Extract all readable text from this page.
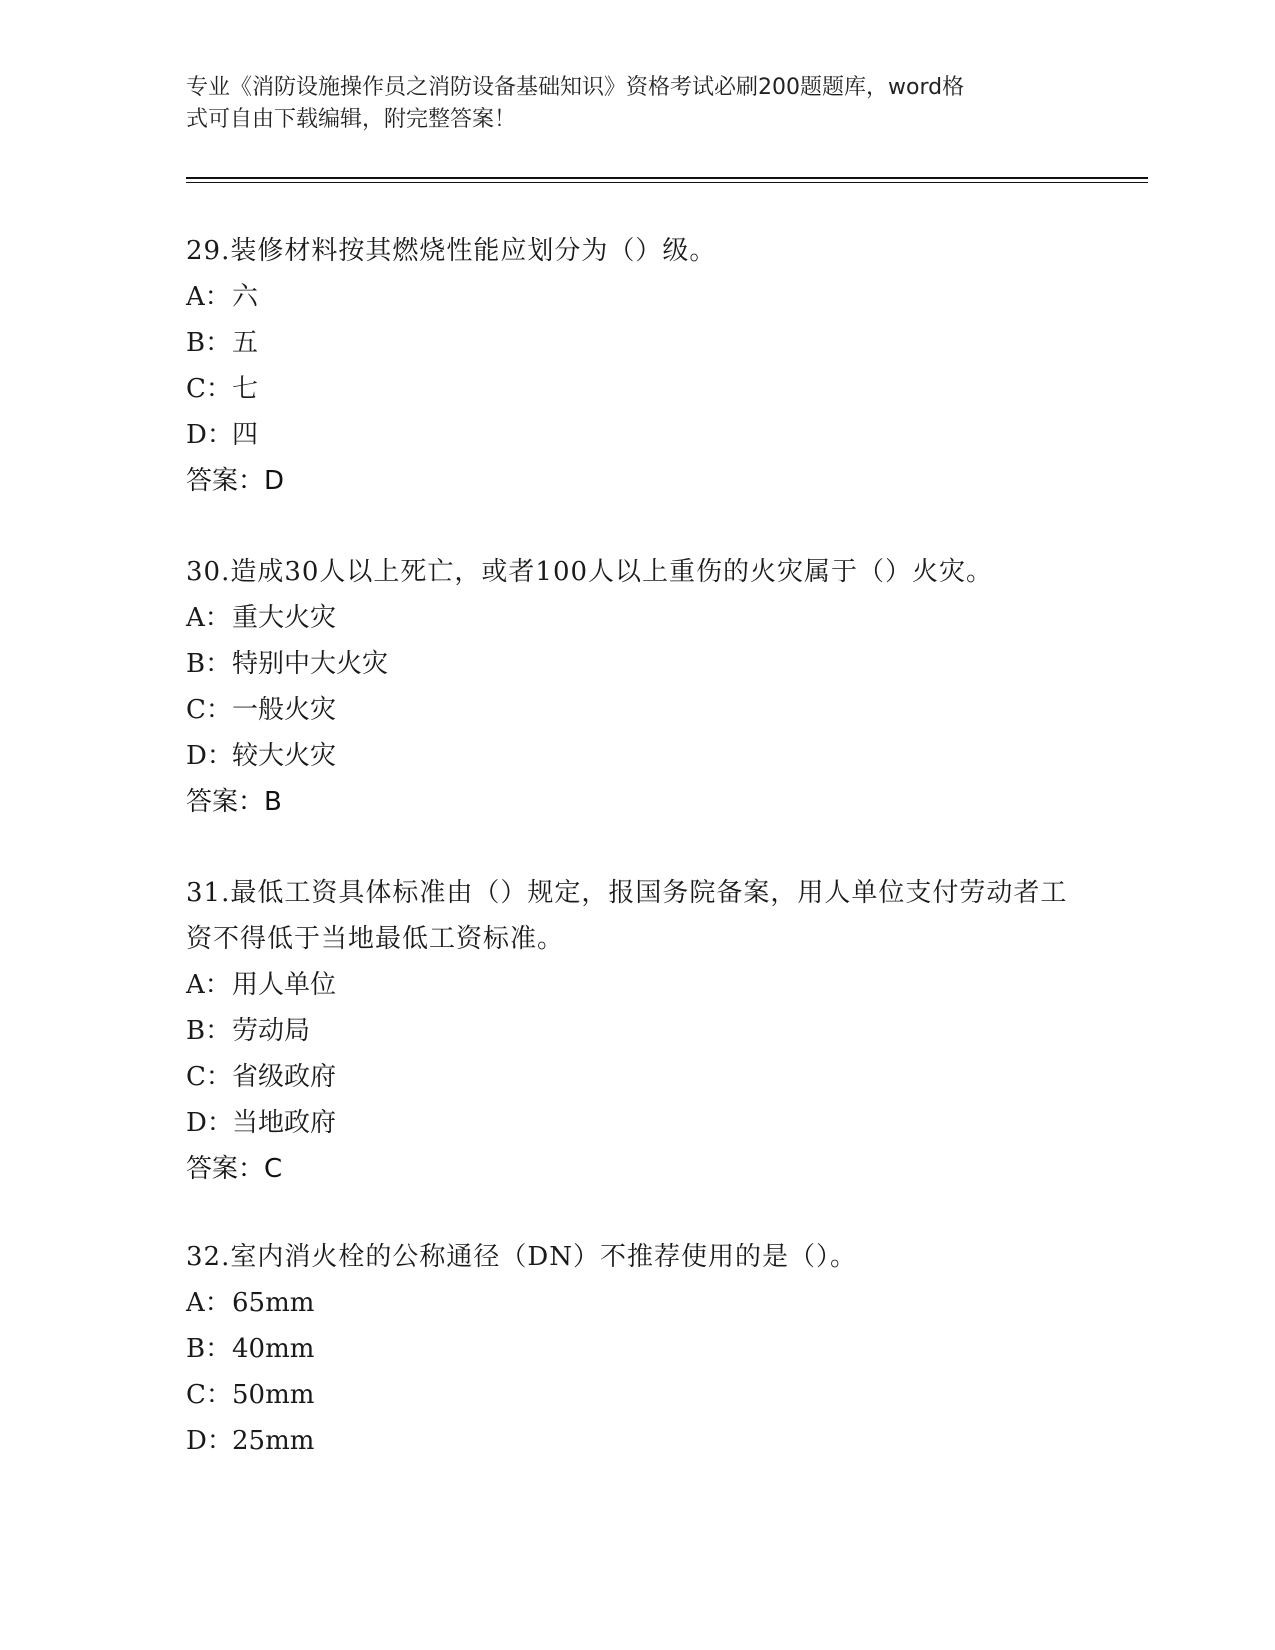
专业《消防设施操作员之消防设备基础知识》资格考试必刷200题题库，word格

式可自由下载编辑，附完整答案！

29.装修材料按其燃烧性能应划分为（）级。

A：六

B：五

C：七

D：四

答案：D

30.造成30人以上死亡，或者100人以上重伤的火灾属于（）火灾。

A：重大火灾

B：特别中大火灾

C：一般火灾

D：较大火灾

答案：B

31.最低工资具体标准由（）规定，报国务院备案，用人单位支付劳动者工资不得低于当地最低工资标准。

A：用人单位

B：劳动局

C：省级政府

D：当地政府

答案：C

32.室内消火栓的公称通径（DN）不推荐使用的是（）。

A：65mm

B：40mm

C：50mm

D：25mm
